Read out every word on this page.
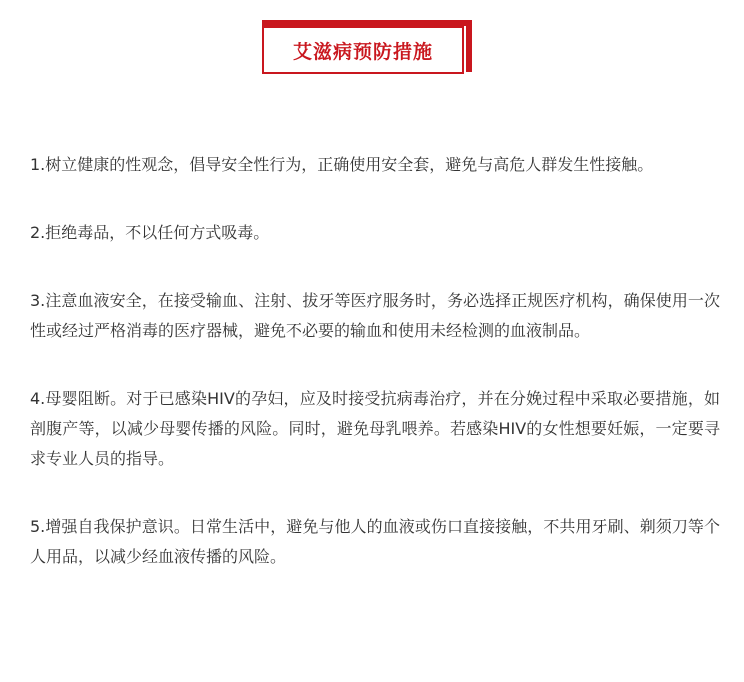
艾滋病预防措施

1.树立健康的性观念，倡导安全性行为，正确使用安全套，避免与高危人群发生性接触。

2.拒绝毒品，不以任何方式吸毒。

3.注意血液安全，在接受输血、注射、拔牙等医疗服务时，务必选择正规医疗机构，确保使用一次性或经过严格消毒的医疗器械，避免不必要的输血和使用未经检测的血液制品。

4.母婴阻断。对于已感染HIV的孕妇，应及时接受抗病毒治疗，并在分娩过程中采取必要措施，如剖腹产等，以减少母婴传播的风险。同时，避免母乳喂养。若感染HIV的女性想要妊娠，一定要寻求专业人员的指导。

5.增强自我保护意识。日常生活中，避免与他人的血液或伤口直接接触，不共用牙刷、剃须刀等个人用品，以减少经血液传播的风险。
